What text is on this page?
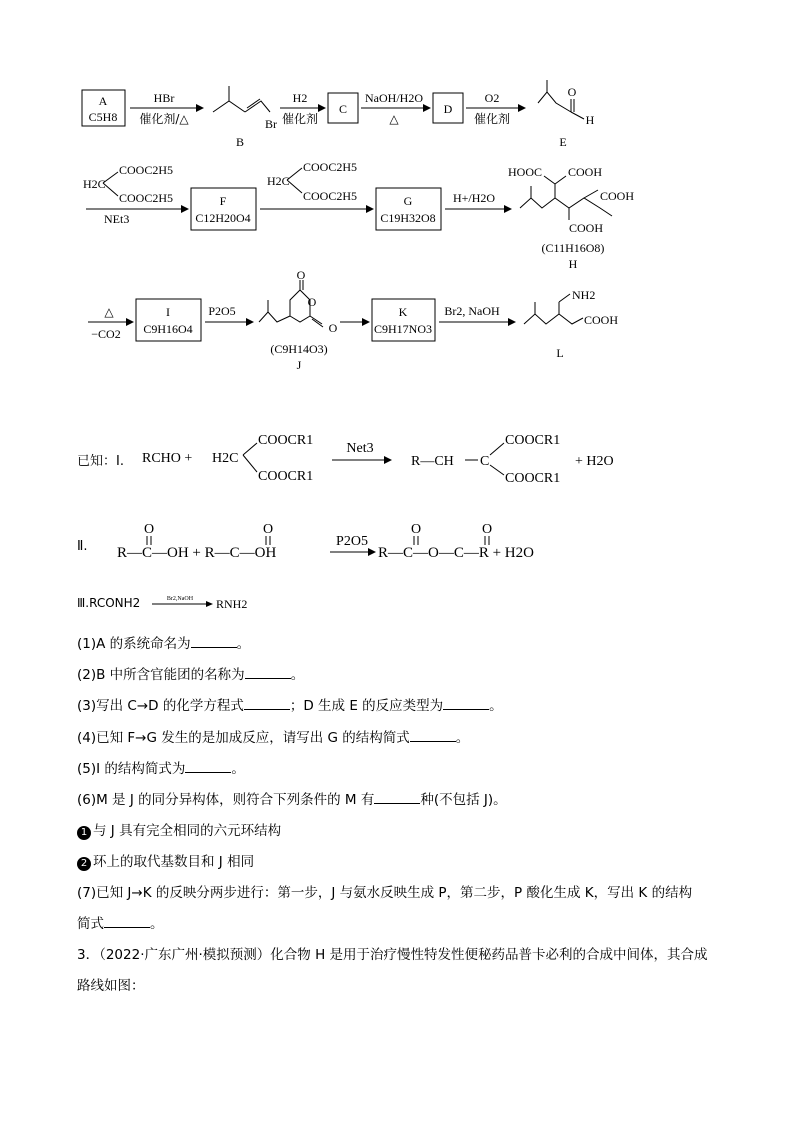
A
C5H8
HBr
催化剂/△	Br
B
H2
催化剂
C
NaOH/H2O
△
D
O2
催化剂
O
H
E
COOC2H5
H2C
COOC2H5
NEt3
F
C12H20O4
COOC2H5
H2C
COOC2H5	G
C19H32O8
H+/H2O
HOOC COOH
COOH
COOH
(C11H16O8)
H
△
−CO2
I
C9H16O4
P2O5
O
O
O
(C9H14O3)
J
K
C9H17NO3
Br2, NaOH
NH2
COOH
L
已知：I. RCHO + H2C
COOCR1
COOCR1
Net3
R—CH C
COOCR1
COOCR1
+ H2O
Ⅱ. R—C—OH + R—C—OH
O	O
P2O5
R—C—O—C—R + H2O
O	O
Ⅲ.RCONH2	Br2,NaOH RNH2
(1)A 的系统命名为	。
(2)B 中所含官能团的名称为	。
(3)写出 C→D 的化学方程式	；D 生成 E 的反应类型为	。
(4)已知 F→G 发生的是加成反应，请写出 G 的结构简式	。
(5)I 的结构简式为	。
(6)M 是 J 的同分异构体，则符合下列条件的 M 有	种(不包括 J)。
1 与 J 具有完全相同的六元环结构
2 环上的取代基数目和 J 相同
(7)已知 J→K 的反映分两步进行：第一步，J 与氨水反映生成 P，第二步，P 酸化生成 K，写出 K 的结构
简式	。
3．（2022·广东广州·模拟预测）化合物 H 是用于治疗慢性特发性便秘药品普卡必利的合成中间体，其合成
路线如图：
